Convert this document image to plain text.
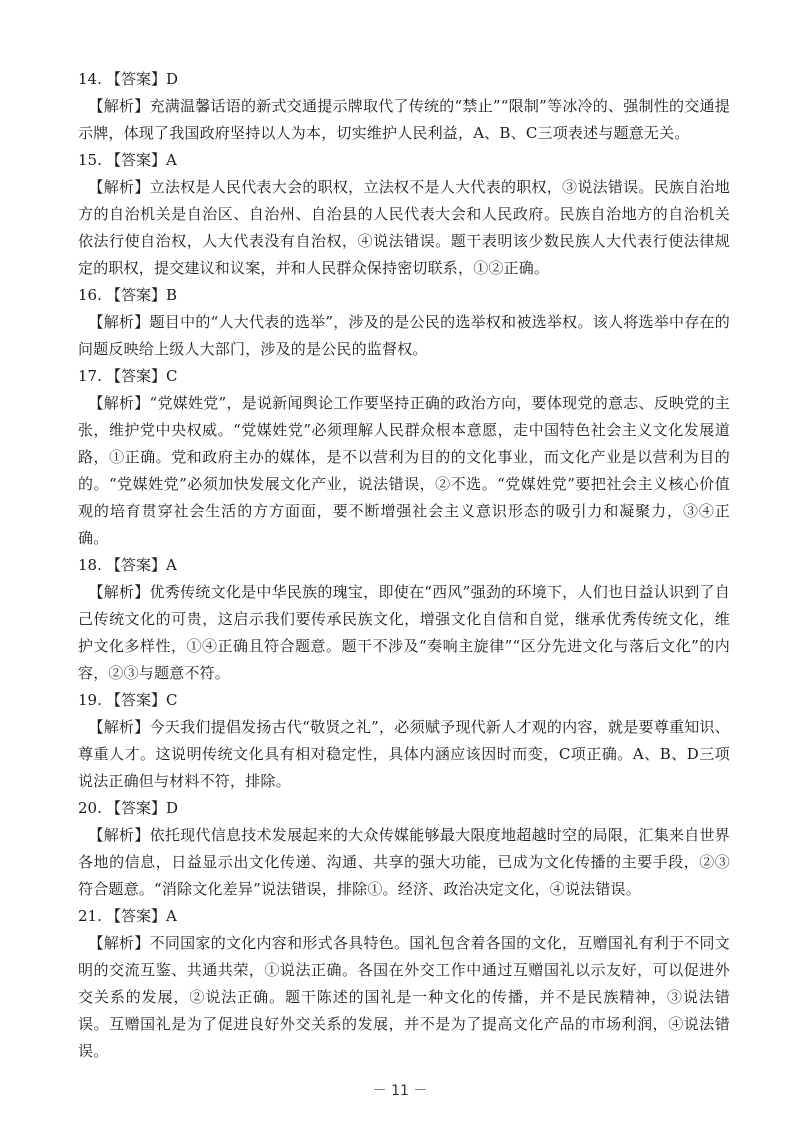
14. 【答案】D

【解析】充满温馨话语的新式交通提示牌取代了传统的“禁止”“限制”等冰冷的、强制性的交通提示牌，体现了我国政府坚持以人为本，切实维护人民利益，A、B、C三项表述与题意无关。

15. 【答案】A

【解析】立法权是人民代表大会的职权，立法权不是人大代表的职权，③说法错误。民族自治地方的自治机关是自治区、自治州、自治县的人民代表大会和人民政府。民族自治地方的自治机关依法行使自治权，人大代表没有自治权，④说法错误。题干表明该少数民族人大代表行使法律规定的职权，提交建议和议案，并和人民群众保持密切联系，①②正确。

16. 【答案】B

【解析】题目中的“人大代表的选举”，涉及的是公民的选举权和被选举权。该人将选举中存在的问题反映给上级人大部门，涉及的是公民的监督权。

17. 【答案】C

【解析】“党媒姓党”，是说新闻舆论工作要坚持正确的政治方向，要体现党的意志、反映党的主张，维护党中央权威。“党媒姓党”必须理解人民群众根本意愿，走中国特色社会主义文化发展道路，①正确。党和政府主办的媒体，是不以营利为目的的文化事业，而文化产业是以营利为目的的。“党媒姓党”必须加快发展文化产业，说法错误，②不选。“党媒姓党”要把社会主义核心价值观的培育贯穿社会生活的方方面面，要不断增强社会主义意识形态的吸引力和凝聚力，③④正确。

18. 【答案】A

【解析】优秀传统文化是中华民族的瑰宝，即使在“西风”强劲的环境下，人们也日益认识到了自己传统文化的可贵，这启示我们要传承民族文化，增强文化自信和自觉，继承优秀传统文化，维护文化多样性，①④正确且符合题意。题干不涉及“奏响主旋律”“区分先进文化与落后文化”的内容，②③与题意不符。

19. 【答案】C

【解析】今天我们提倡发扬古代“敬贤之礼”，必须赋予现代新人才观的内容，就是要尊重知识、尊重人才。这说明传统文化具有相对稳定性，具体内涵应该因时而变，C项正确。A、B、D三项说法正确但与材料不符，排除。

20. 【答案】D

【解析】依托现代信息技术发展起来的大众传媒能够最大限度地超越时空的局限，汇集来自世界各地的信息，日益显示出文化传递、沟通、共享的强大功能，已成为文化传播的主要手段，②③符合题意。“消除文化差异”说法错误，排除①。经济、政治决定文化，④说法错误。

21. 【答案】A

【解析】不同国家的文化内容和形式各具特色。国礼包含着各国的文化，互赠国礼有利于不同文明的交流互鉴、共通共荣，①说法正确。各国在外交工作中通过互赠国礼以示友好，可以促进外交关系的发展，②说法正确。题干陈述的国礼是一种文化的传播，并不是民族精神，③说法错误。互赠国礼是为了促进良好外交关系的发展，并不是为了提高文化产品的市场利润，④说法错误。

－ 11 －
